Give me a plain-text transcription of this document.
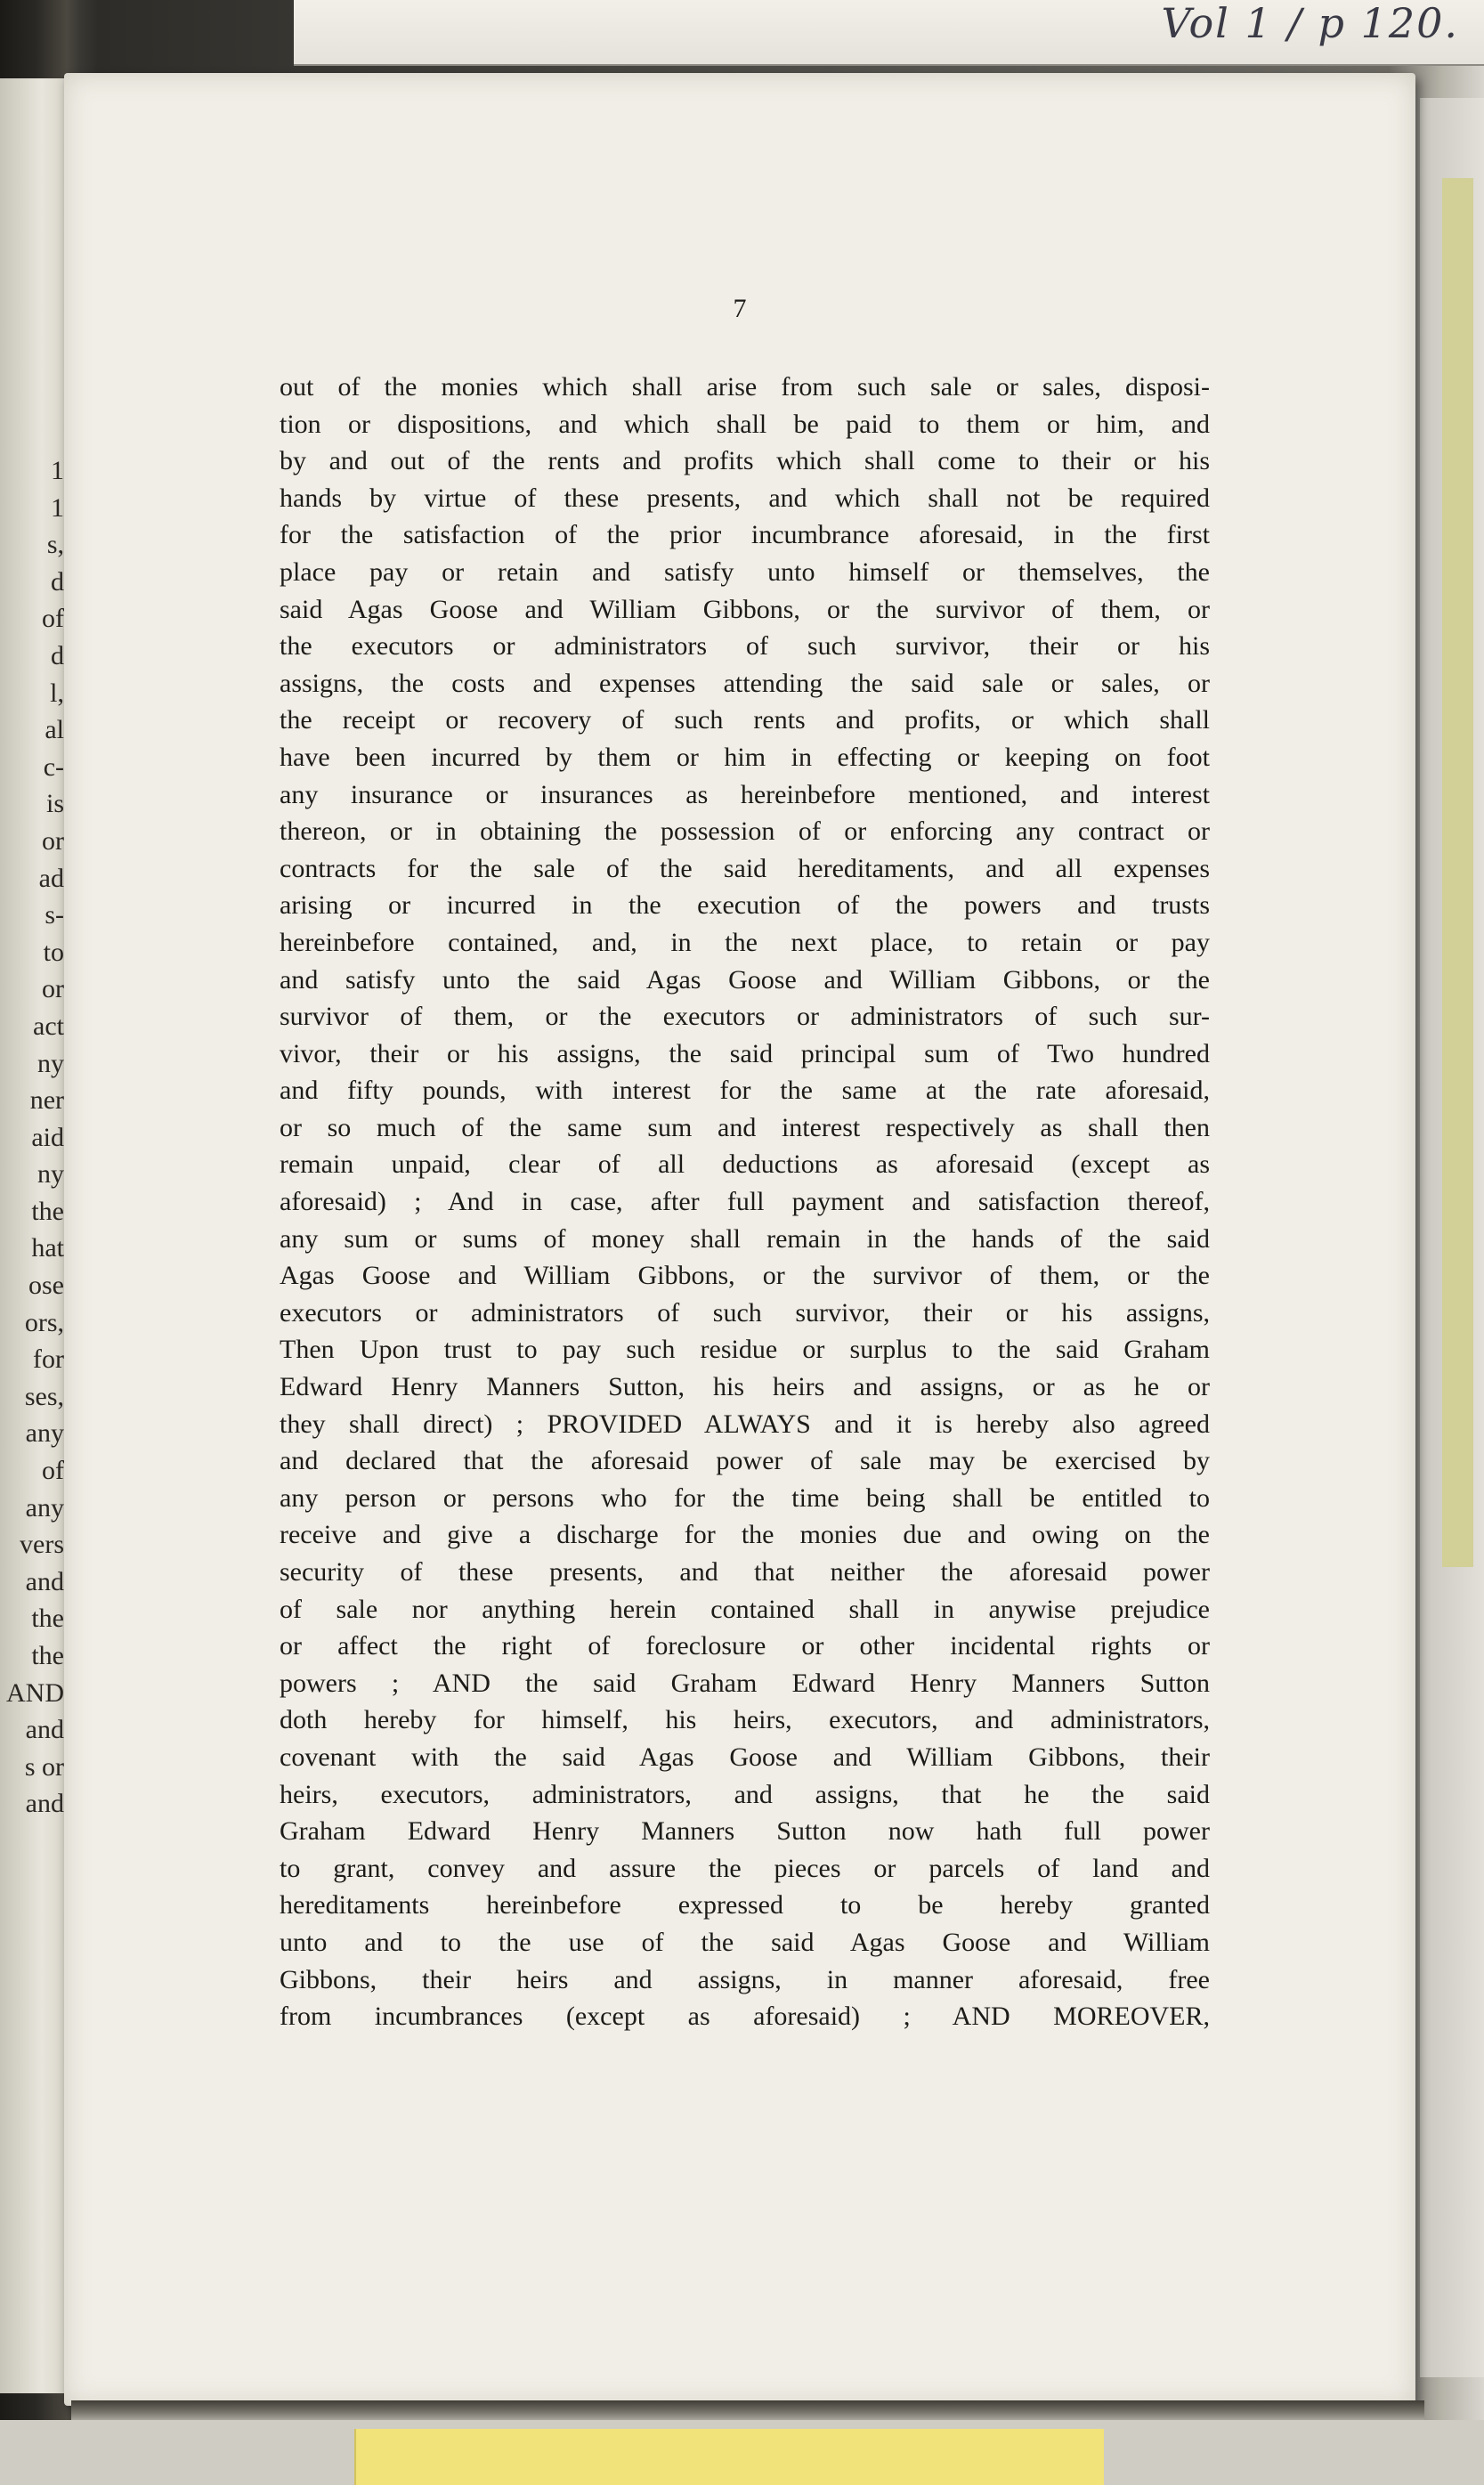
Vol 1 / p 120.
1
1
s,
d
of
d
l,
al
c-
is
or
ad
s-
to
or
act
ny
ner
aid
ny
the
hat
ose
ors,
for
ses,
any
of
any
vers
and
the
the
AND
and
s or
and
7
out of the monies which shall arise from such sale or sales, disposi-
tion or dispositions, and which shall be paid to them or him, and
by and out of the rents and profits which shall come to their or his
hands by virtue of these presents, and which shall not be required
for the satisfaction of the prior incumbrance aforesaid, in the first
place pay or retain and satisfy unto himself or themselves, the
said Agas Goose and William Gibbons, or the survivor of them, or
the executors or administrators of such survivor, their or his
assigns, the costs and expenses attending the said sale or sales, or
the receipt or recovery of such rents and profits, or which shall
have been incurred by them or him in effecting or keeping on foot
any insurance or insurances as hereinbefore mentioned, and interest
thereon, or in obtaining the possession of or enforcing any contract or
contracts for the sale of the said hereditaments, and all expenses
arising or incurred in the execution of the powers and trusts
hereinbefore contained, and, in the next place, to retain or pay
and satisfy unto the said Agas Goose and William Gibbons, or the
survivor of them, or the executors or administrators of such sur-
vivor, their or his assigns, the said principal sum of Two hundred
and fifty pounds, with interest for the same at the rate aforesaid,
or so much of the same sum and interest respectively as shall then
remain unpaid, clear of all deductions as aforesaid (except as
aforesaid) ; And in case, after full payment and satisfaction thereof,
any sum or sums of money shall remain in the hands of the said
Agas Goose and William Gibbons, or the survivor of them, or the
executors or administrators of such survivor, their or his assigns,
Then Upon trust to pay such residue or surplus to the said Graham
Edward Henry Manners Sutton, his heirs and assigns, or as he or
they shall direct) ; PROVIDED ALWAYS and it is hereby also agreed
and declared that the aforesaid power of sale may be exercised by
any person or persons who for the time being shall be entitled to
receive and give a discharge for the monies due and owing on the
security of these presents, and that neither the aforesaid power
of sale nor anything herein contained shall in anywise prejudice
or affect the right of foreclosure or other incidental rights or
powers ; AND the said Graham Edward Henry Manners Sutton
doth hereby for himself, his heirs, executors, and administrators,
covenant with the said Agas Goose and William Gibbons, their
heirs, executors, administrators, and assigns, that he the said
Graham Edward Henry Manners Sutton now hath full power
to grant, convey and assure the pieces or parcels of land and
hereditaments hereinbefore expressed to be hereby granted
unto and to the use of the said Agas Goose and William
Gibbons, their heirs and assigns, in manner aforesaid, free
from incumbrances (except as aforesaid) ; AND MOREOVER,
